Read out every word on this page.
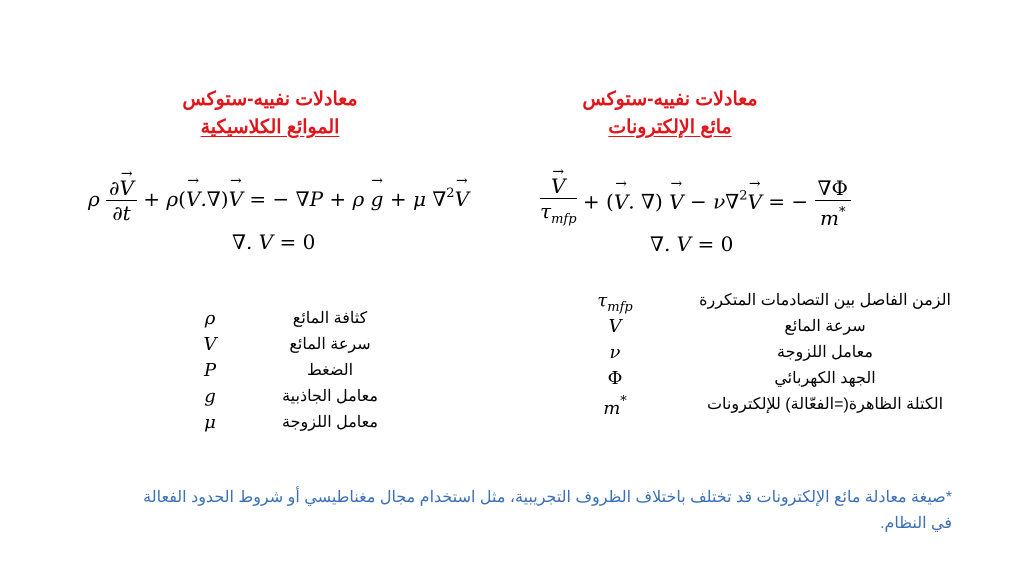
معادلات نفييه-ستوكس
الموائع الكلاسيكية
معادلات نفييه-ستوكس
مائع الإلكترونات
ρ $\frac{\partial\to V}{\partial t} + \rho(\to V.\nabla)\to V$ = − ∇P + ρ → g + μ ∇$^2$→ V
∇. V = 0
→ $\frac{V}{\tau_{mfp}}$ + (→ V. ∇) → V − ν∇$^2$→ V = − $\frac{\nabla\Phi}{m^*}$
∇. V = 0
ρ	كثافة المائع
V	سرعة المائع
P	الضغط
g	معامل الجاذبية
μ	معامل اللزوجة
$\tau_{mfp}$	الزمن الفاصل بين التصادمات المتكررة
V	سرعة المائع
ν	معامل اللزوجة
Φ	الجهد الكهربائي
m*	الكتلة الظاهرة(=الفعّالة) للإلكترونات
*صيغة معادلة مائع الإلكترونات قد تختلف باختلاف الظروف التجريبية، مثل استخدام مجال مغناطيسي أو شروط الحدود الفعالة
في النظام.
